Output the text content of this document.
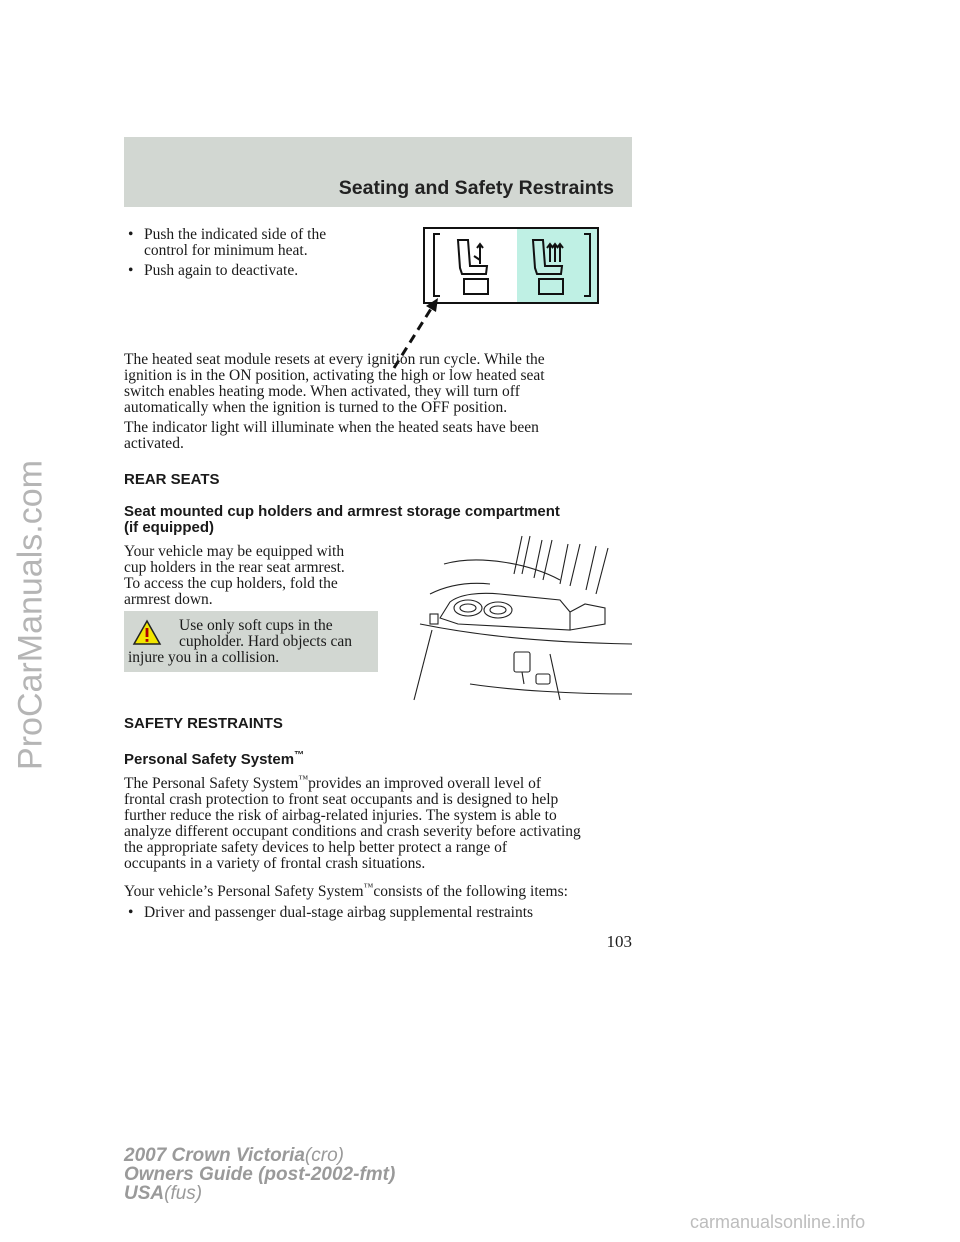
Seating and Safety Restraints
ProCarManuals.com
• Push the indicated side of the
control for minimum heat.
• Push again to deactivate.
The heated seat module resets at every ignition run cycle. While the
ignition is in the ON position, activating the high or low heated seat
switch enables heating mode. When activated, they will turn off
automatically when the ignition is turned to the OFF position.
The indicator light will illuminate when the heated seats have been
activated.
REAR SEATS
Seat mounted cup holders and armrest storage compartment
(if equipped)
Your vehicle may be equipped with
cup holders in the rear seat armrest.
To access the cup holders, fold the
armrest down.
Use only soft cups in the
cupholder. Hard objects can
injure you in a collision.
SAFETY RESTRAINTS
Personal Safety System™
The Personal Safety System™provides an improved overall level of
frontal crash protection to front seat occupants and is designed to help
further reduce the risk of airbag-related injuries. The system is able to
analyze different occupant conditions and crash severity before activating
the appropriate safety devices to help better protect a range of
occupants in a variety of frontal crash situations.
Your vehicle’s Personal Safety System™consists of the following items:
• Driver and passenger dual-stage airbag supplemental restraints
103
2007 Crown Victoria(cro)
Owners Guide (post-2002-fmt)
USA(fus)
carmanualsonline.info
